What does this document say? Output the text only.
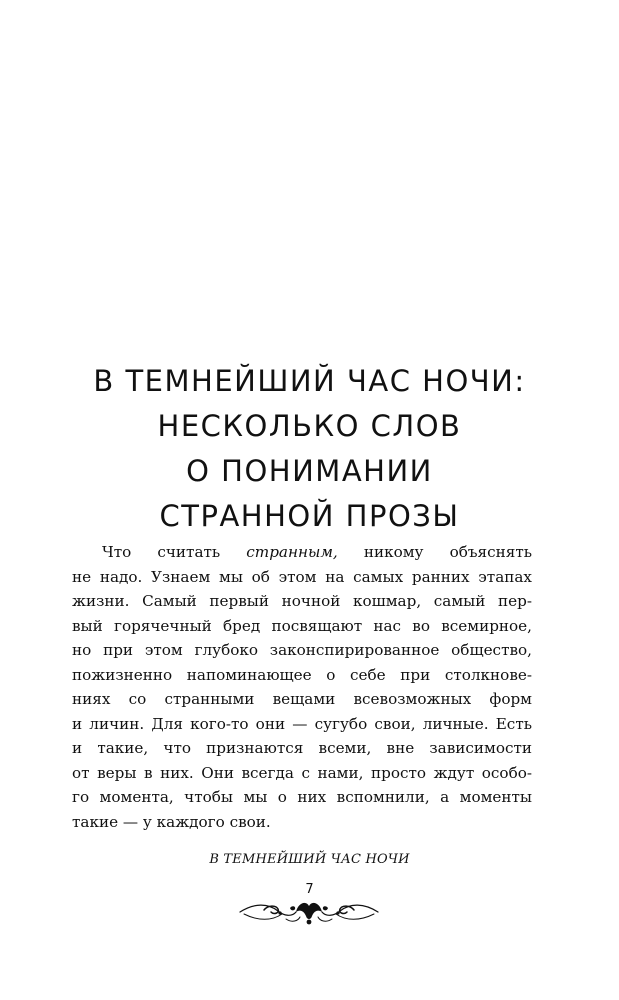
В ТЕМНЕЙШИЙ ЧАС НОЧИ:
НЕСКОЛЬКО СЛОВ
О ПОНИМАНИИ
СТРАННОЙ ПРОЗЫ
Что считать странным, никому объяснять
не надо. Узнаем мы об этом на самых ранних этапах
жизни. Самый первый ночной кошмар, самый пер-
вый горячечный бред посвящают нас во всемирное,
но при этом глубоко законспирированное общество,
пожизненно напоминающее о себе при столкнове-
ниях со странными вещами всевозможных форм
и личин. Для кого-то они — сугубо свои, личные. Есть
и такие, что признаются всеми, вне зависимости
от веры в них. Они всегда с нами, просто ждут особо-
го момента, чтобы мы о них вспомнили, а моменты
такие — у каждого свои.
В ТЕМНЕЙШИЙ ЧАС НОЧИ
7
